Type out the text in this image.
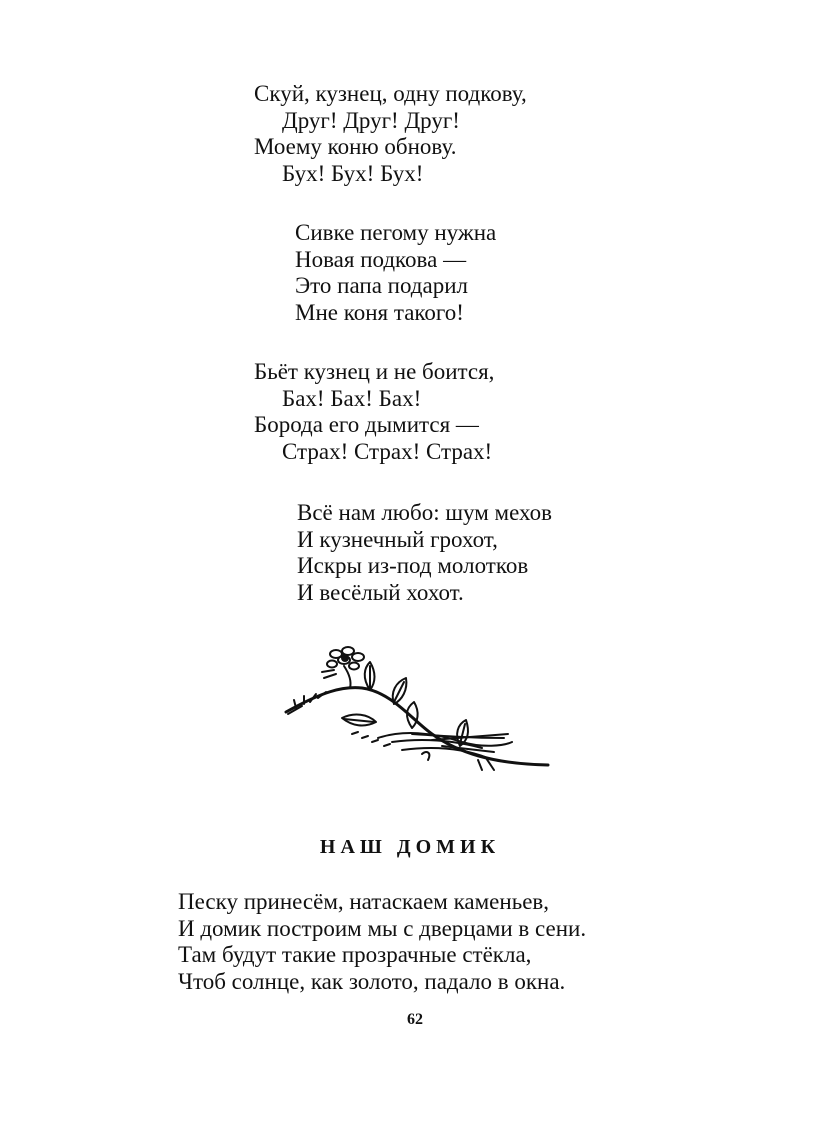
Скуй, кузнец, одну подкову,
Друг! Друг! Друг!
Моему коню обнову.
Бух! Бух! Бух!
Сивке пегому нужна
Новая подкова —
Это папа подарил
Мне коня такого!
Бьёт кузнец и не боится,
Бах! Бах! Бах!
Борода его дымится —
Страх! Страх! Страх!
Всё нам любо: шум мехов
И кузнечный грохот,
Искры из-под молотков
И весёлый хохот.
НАШ ДОМИК
Песку принесём, натаскаем каменьев,
И домик построим мы с дверцами в сени.
Там будут такие прозрачные стёкла,
Чтоб солнце, как золото, падало в окна.
62
